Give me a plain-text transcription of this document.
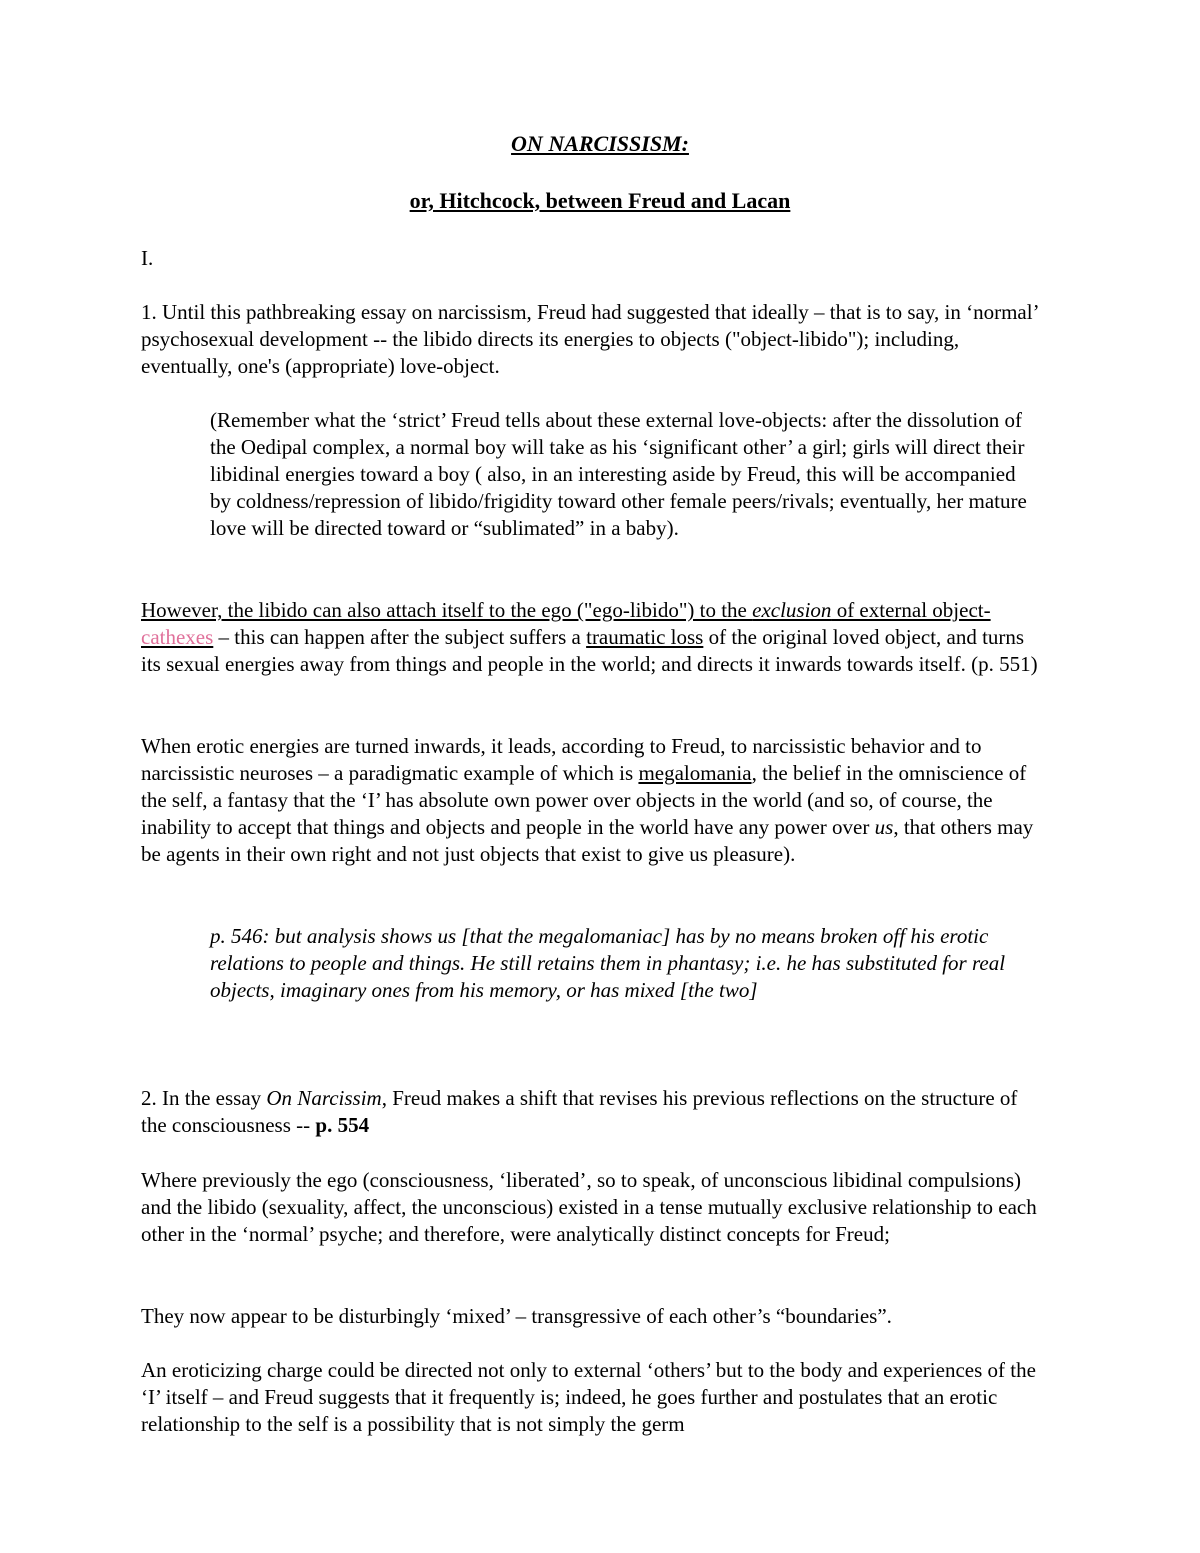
ON NARCISSISM:
or, Hitchcock, between Freud and Lacan

I.

1. Until this pathbreaking essay on narcissism, Freud had suggested that ideally – that is to say, in ‘normal’ psychosexual development -- the libido directs its energies to objects ("object-libido"); including, eventually, one's (appropriate) love-object.

(Remember what the ‘strict’ Freud tells about these external love-objects: after the dissolution of the Oedipal complex, a normal boy will take as his ‘significant other’ a girl; girls will direct their libidinal energies toward a boy ( also, in an interesting aside by Freud, this will be accompanied by coldness/repression of libido/frigidity toward other female peers/rivals; eventually, her mature love will be directed toward or “sublimated” in a baby).

However, the libido can also attach itself to the ego ("ego-libido") to the exclusion of external object-cathexes – this can happen after the subject suffers a traumatic loss of the original loved object, and turns its sexual energies away from things and people in the world; and directs it inwards towards itself. (p. 551)

When erotic energies are turned inwards, it leads, according to Freud, to narcissistic behavior and to narcissistic neuroses – a paradigmatic example of which is megalomania, the belief in the omniscience of the self, a fantasy that the ‘I’ has absolute own power over objects in the world (and so, of course, the inability to accept that things and objects and people in the world have any power over us, that others may be agents in their own right and not just objects that exist to give us pleasure).

p. 546: but analysis shows us [that the megalomaniac] has by no means broken off his erotic relations to people and things. He still retains them in phantasy; i.e. he has substituted for real objects, imaginary ones from his memory, or has mixed [the two]

2. In the essay On Narcissim, Freud makes a shift that revises his previous reflections on the structure of the consciousness -- p. 554

Where previously the ego (consciousness, ‘liberated’, so to speak, of unconscious libidinal compulsions) and the libido (sexuality, affect, the unconscious) existed in a tense mutually exclusive relationship to each other in the ‘normal’ psyche; and therefore, were analytically distinct concepts for Freud;

They now appear to be disturbingly ‘mixed’ – transgressive of each other’s “boundaries”.

An eroticizing charge could be directed not only to external ‘others’ but to the body and experiences of the ‘I’ itself – and Freud suggests that it frequently is; indeed, he goes further and postulates that an erotic relationship to the self is a possibility that is not simply the germ
